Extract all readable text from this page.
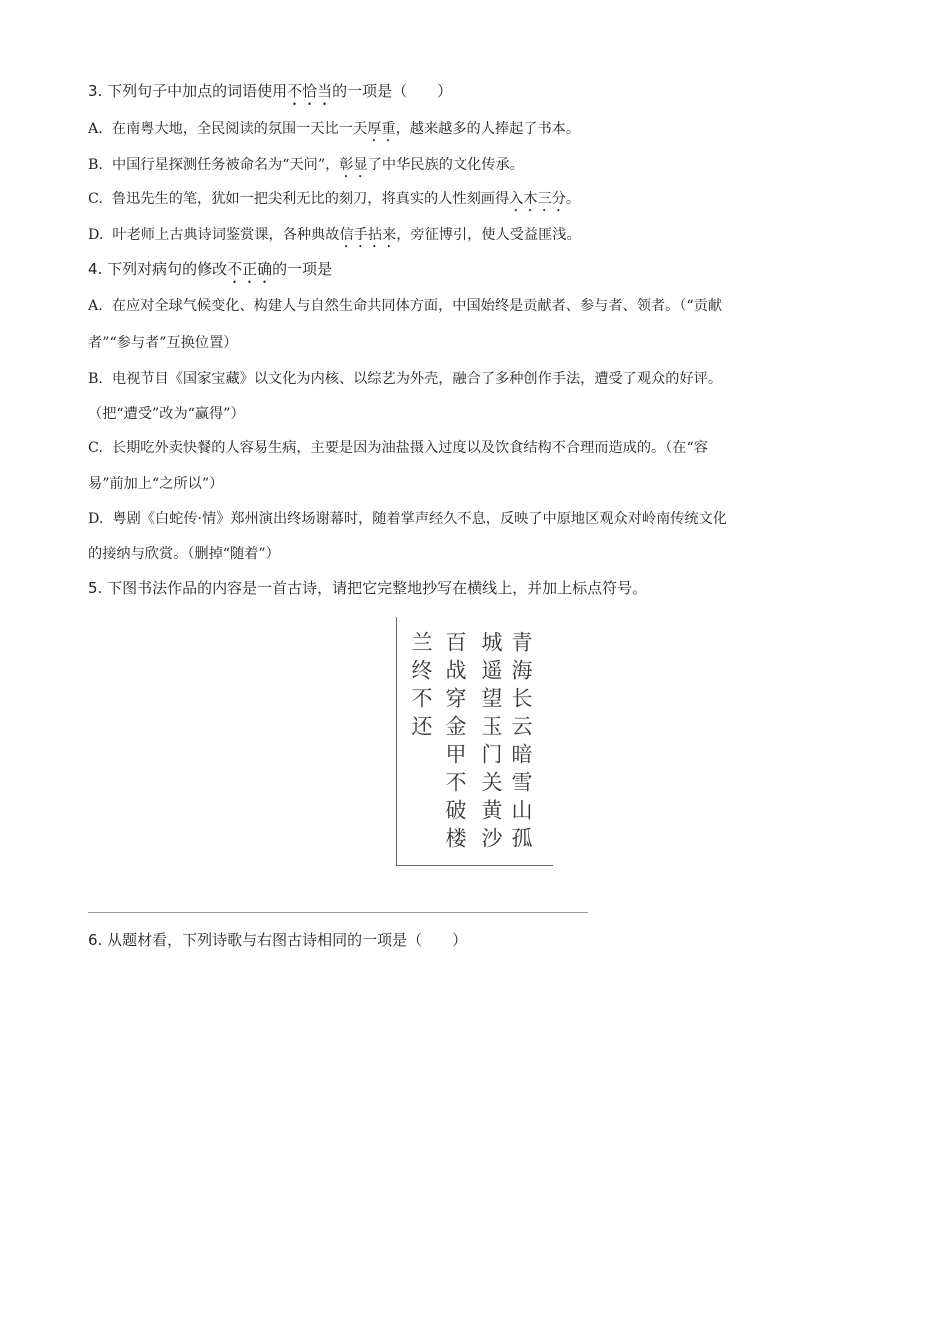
3. 下列句子中加点的词语使用不恰当的一项是（　　）
A. 在南粤大地，全民阅读的氛围一天比一天厚重，越来越多的人捧起了书本。
B. 中国行星探测任务被命名为“天问”，彰显了中华民族的文化传承。
C. 鲁迅先生的笔，犹如一把尖利无比的刻刀，将真实的人性刻画得入木三分。
D. 叶老师上古典诗词鉴赏课，各种典故信手拈来，旁征博引，使人受益匪浅。
4. 下列对病句的修改不正确的一项是
A. 在应对全球气候变化、构建人与自然生命共同体方面，中国始终是贡献者、参与者、领者。（“贡献
者”“参与者”互换位置）
B. 电视节目《国家宝藏》以文化为内核、以综艺为外壳，融合了多种创作手法，遭受了观众的好评。
（把“遭受”改为“赢得”）
C. 长期吃外卖快餐的人容易生病，主要是因为油盐摄入过度以及饮食结构不合理而造成的。（在“容
易”前加上“之所以”）
D. 粤剧《白蛇传·情》郑州演出终场谢幕时，随着掌声经久不息，反映了中原地区观众对岭南传统文化
的接纳与欣赏。（删掉“随着”）
5. 下图书法作品的内容是一首古诗，请把它完整地抄写在横线上，并加上标点符号。
青海长云暗雪山孤
城遥望玉门关黄沙
百战穿金甲不破楼
兰终不还
6. 从题材看，下列诗歌与右图古诗相同的一项是（　　）
